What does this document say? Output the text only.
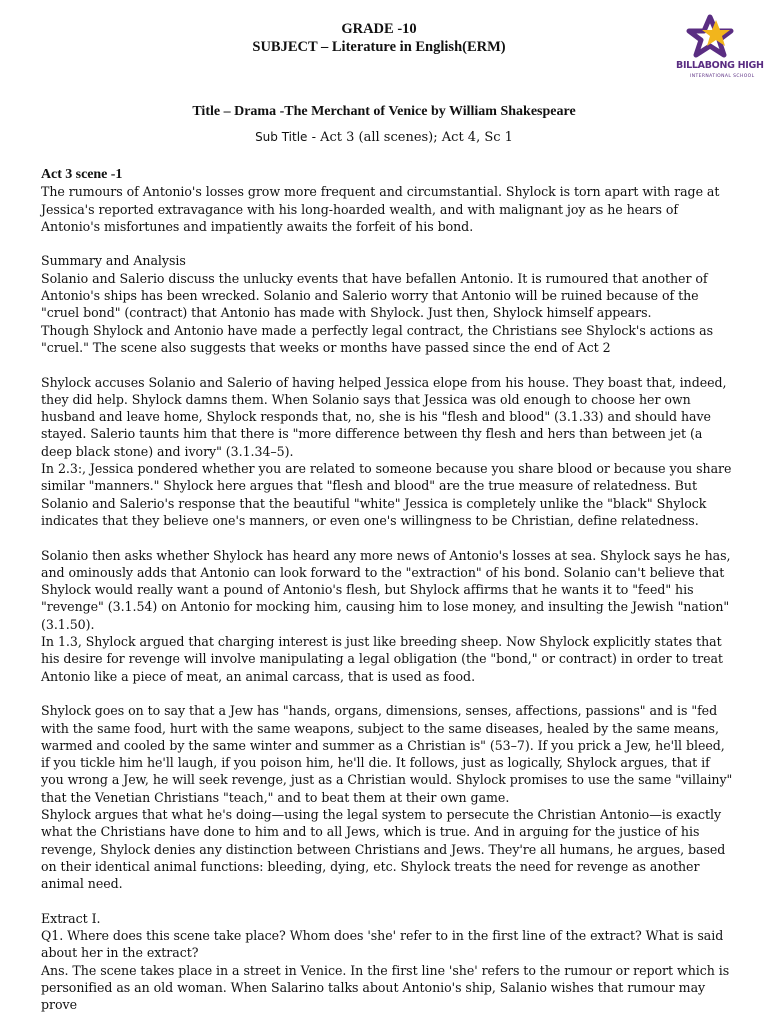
GRADE -10
SUBJECT – Literature in English(ERM)
BILLABONG HIGH
INTERNATIONAL SCHOOL
Title – Drama -The Merchant of Venice by William Shakespeare
Sub Title - Act 3 (all scenes); Act 4, Sc 1

Act 3 scene -1

The rumours of Antonio's losses grow more frequent and circumstantial. Shylock is torn apart with rage at Jessica's reported extravagance with his long-hoarded wealth, and with malignant joy as he hears of Antonio's misfortunes and impatiently awaits the forfeit of his bond.

Summary and Analysis

Solanio and Salerio discuss the unlucky events that have befallen Antonio. It is rumoured that another of Antonio's ships has been wrecked. Solanio and Salerio worry that Antonio will be ruined because of the "cruel bond" (contract) that Antonio has made with Shylock. Just then, Shylock himself appears.

Though Shylock and Antonio have made a perfectly legal contract, the Christians see Shylock's actions as "cruel." The scene also suggests that weeks or months have passed since the end of Act 2

Shylock accuses Solanio and Salerio of having helped Jessica elope from his house. They boast that, indeed, they did help. Shylock damns them. When Solanio says that Jessica was old enough to choose her own husband and leave home, Shylock responds that, no, she is his "flesh and blood" (3.1.33) and should have stayed. Salerio taunts him that there is "more difference between thy flesh and hers than between jet (a deep black stone) and ivory" (3.1.34–5).

In 2.3:, Jessica pondered whether you are related to someone because you share blood or because you share similar "manners." Shylock here argues that "flesh and blood" are the true measure of relatedness. But Solanio and Salerio's response that the beautiful "white" Jessica is completely unlike the "black" Shylock indicates that they believe one's manners, or even one's willingness to be Christian, define relatedness.

Solanio then asks whether Shylock has heard any more news of Antonio's losses at sea. Shylock says he has, and ominously adds that Antonio can look forward to the "extraction" of his bond. Solanio can't believe that Shylock would really want a pound of Antonio's flesh, but Shylock affirms that he wants it to "feed" his "revenge" (3.1.54) on Antonio for mocking him, causing him to lose money, and insulting the Jewish "nation" (3.1.50).

In 1.3, Shylock argued that charging interest is just like breeding sheep. Now Shylock explicitly states that his desire for revenge will involve manipulating a legal obligation (the "bond," or contract) in order to treat Antonio like a piece of meat, an animal carcass, that is used as food.

Shylock goes on to say that a Jew has "hands, organs, dimensions, senses, affections, passions" and is "fed with the same food, hurt with the same weapons, subject to the same diseases, healed by the same means, warmed and cooled by the same winter and summer as a Christian is" (53–7). If you prick a Jew, he'll bleed, if you tickle him he'll laugh, if you poison him, he'll die. It follows, just as logically, Shylock argues, that if you wrong a Jew, he will seek revenge, just as a Christian would. Shylock promises to use the same "villainy" that the Venetian Christians "teach," and to beat them at their own game.

Shylock argues that what he's doing—using the legal system to persecute the Christian Antonio—is exactly what the Christians have done to him and to all Jews, which is true. And in arguing for the justice of his revenge, Shylock denies any distinction between Christians and Jews. They're all humans, he argues, based on their identical animal functions: bleeding, dying, etc. Shylock treats the need for revenge as another animal need.

Extract I.

Q1. Where does this scene take place? Whom does 'she' refer to in the first line of the extract? What is said about her in the extract?

Ans. The scene takes place in a street in Venice. In the first line 'she' refers to the rumour or report which is personified as an old woman. When Salarino talks about Antonio's ship, Salanio wishes that rumour may prove
